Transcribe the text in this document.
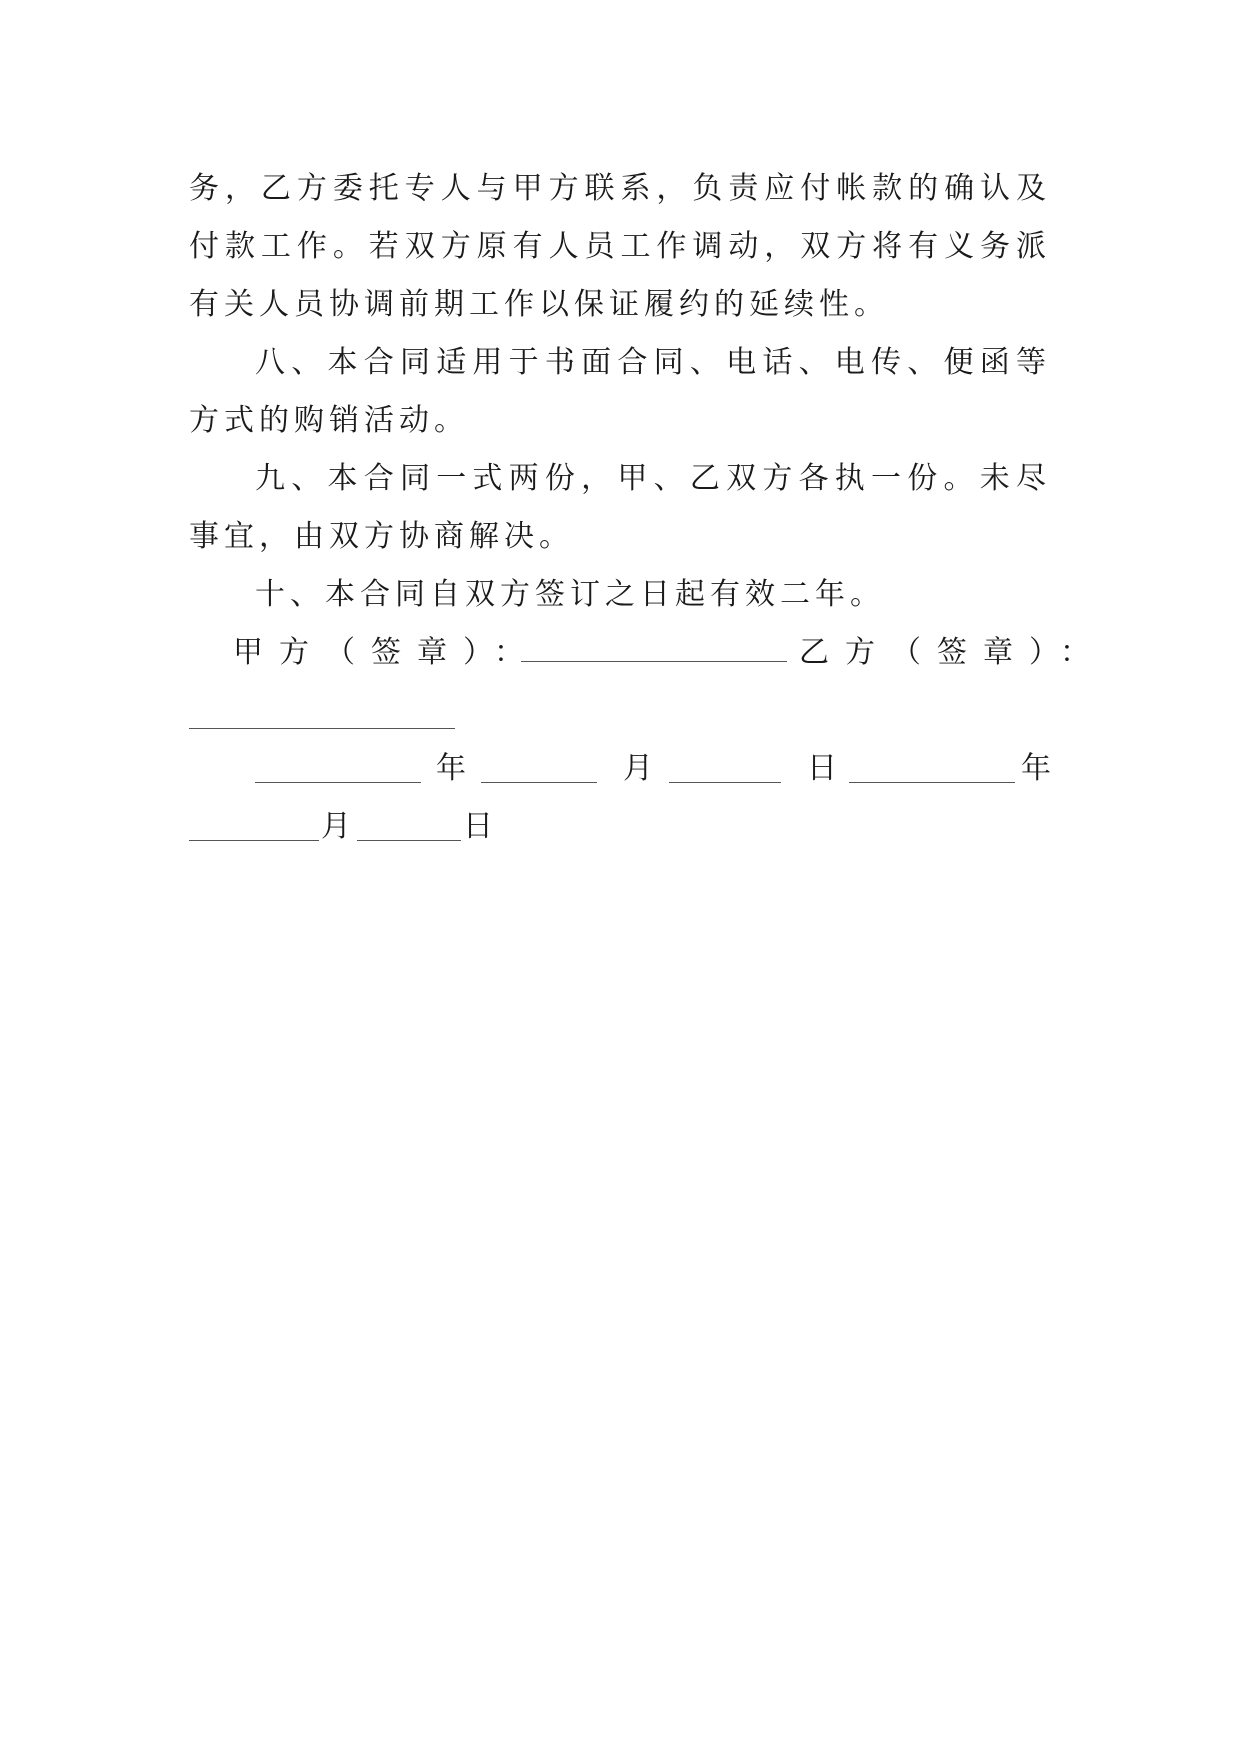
务，乙方委托专人与甲方联系，负责应付帐款的确认及付款工作。若双方原有人员工作调动，双方将有义务派有关人员协调前期工作以保证履约的延续性。

八、本合同适用于书面合同、电话、电传、便函等方式的购销活动。

九、本合同一式两份，甲、乙双方各执一份。未尽事宜，由双方协商解决。

十、本合同自双方签订之日起有效二年。

甲方（签章）：	乙方（签章）：
年	月	日	年
月	日
